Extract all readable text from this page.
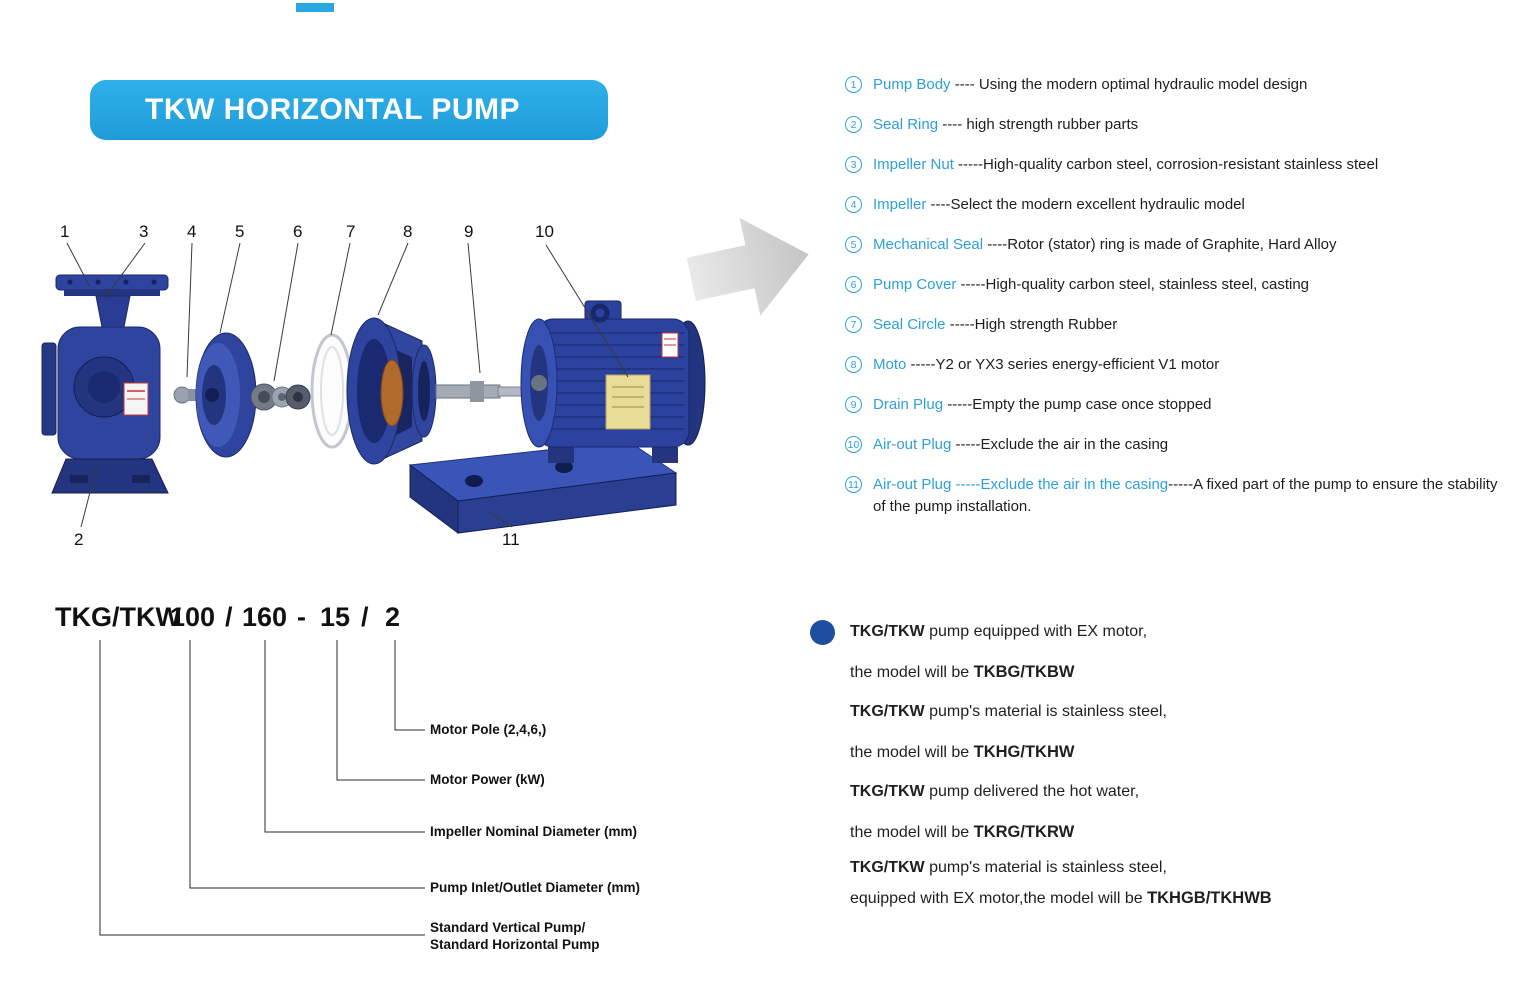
TKW HORIZONTAL PUMP
1	3 4 5	6	7	8	9	10
2	11
1	Pump Body ---- Using the modern optimal hydraulic model design
2	Seal Ring ---- high strength rubber parts
3	Impeller Nut -----High-quality carbon steel, corrosion-resistant stainless steel
4	Impeller ----Select the modern excellent hydraulic model
5	Mechanical Seal ----Rotor (stator) ring is made of Graphite, Hard Alloy
6	Pump Cover -----High-quality carbon steel, stainless steel, casting
7	Seal Circle -----High strength Rubber
8	Moto -----Y2 or YX3 series energy-efficient V1 motor
9	Drain Plug -----Empty the pump case once stopped
10 Air-out Plug -----Exclude the air in the casing
11 Air-out Plug -----Exclude the air in the casing-----A fixed part of the pump to ensure the stability of the pump installation.
TKG/TKW
100 / 160 - 15 / 2
Motor Pole (2,4,6,)
Motor Power (kW)
Impeller Nominal Diameter (mm)
Pump Inlet/Outlet Diameter (mm)
Standard Vertical Pump/
Standard Horizontal Pump
TKG/TKW pump equipped with EX motor,
the model will be TKBG/TKBW
TKG/TKW pump's material is stainless steel,
the model will be TKHG/TKHW
TKG/TKW pump delivered the hot water,
the model will be TKRG/TKRW
TKG/TKW pump's material is stainless steel,
equipped with EX motor,the model will be TKHGB/TKHWB
